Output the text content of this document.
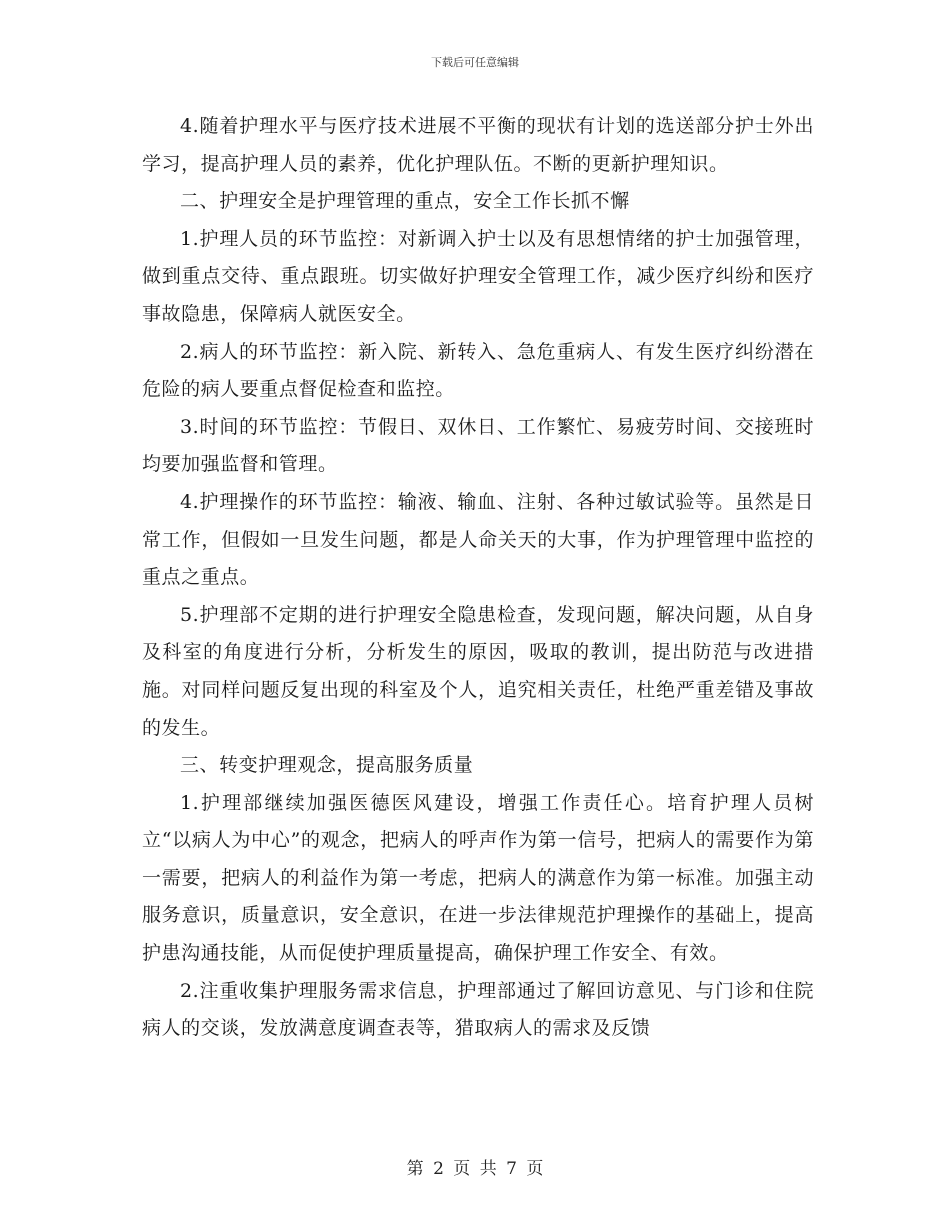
下载后可任意编辑

4.随着护理水平与医疗技术进展不平衡的现状有计划的选送部分护士外出学习，提高护理人员的素养，优化护理队伍。不断的更新护理知识。

二、护理安全是护理管理的重点，安全工作长抓不懈

1.护理人员的环节监控：对新调入护士以及有思想情绪的护士加强管理，做到重点交待、重点跟班。切实做好护理安全管理工作，减少医疗纠纷和医疗事故隐患，保障病人就医安全。

2.病人的环节监控：新入院、新转入、急危重病人、有发生医疗纠纷潜在危险的病人要重点督促检查和监控。

3.时间的环节监控：节假日、双休日、工作繁忙、易疲劳时间、交接班时均要加强监督和管理。

4.护理操作的环节监控：输液、输血、注射、各种过敏试验等。虽然是日常工作，但假如一旦发生问题，都是人命关天的大事，作为护理管理中监控的重点之重点。

5.护理部不定期的进行护理安全隐患检查，发现问题，解决问题，从自身及科室的角度进行分析，分析发生的原因，吸取的教训，提出防范与改进措施。对同样问题反复出现的科室及个人，追究相关责任，杜绝严重差错及事故的发生。

三、转变护理观念，提高服务质量

1.护理部继续加强医德医风建设，增强工作责任心。培育护理人员树立“以病人为中心”的观念，把病人的呼声作为第一信号，把病人的需要作为第一需要，把病人的利益作为第一考虑，把病人的满意作为第一标准。加强主动服务意识，质量意识，安全意识，在进一步法律规范护理操作的基础上，提高护患沟通技能，从而促使护理质量提高，确保护理工作安全、有效。

2.注重收集护理服务需求信息，护理部通过了解回访意见、与门诊和住院病人的交谈，发放满意度调查表等，猎取病人的需求及反馈

第 2 页 共 7 页
